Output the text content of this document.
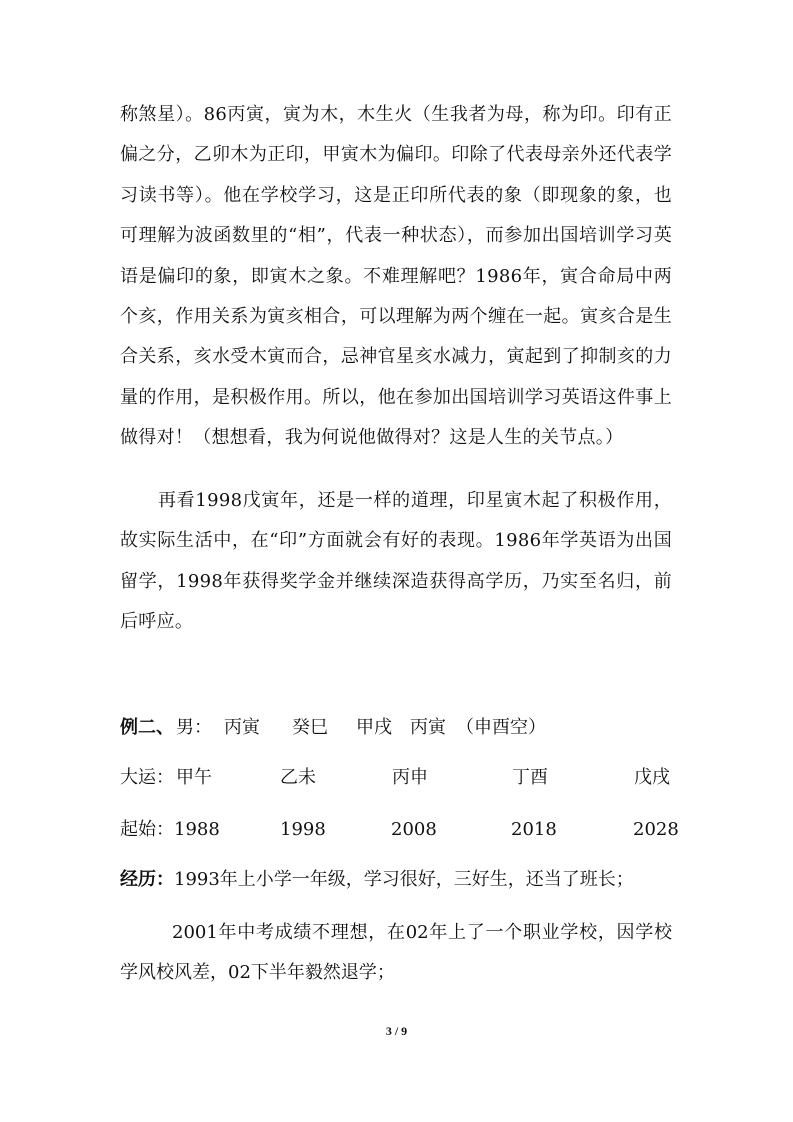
称煞星）。86丙寅，寅为木，木生火（生我者为母，称为印。印有正偏之分，乙卯木为正印，甲寅木为偏印。印除了代表母亲外还代表学习读书等）。他在学校学习，这是正印所代表的象（即现象的象，也可理解为波函数里的“相”，代表一种状态），而参加出国培训学习英语是偏印的象，即寅木之象。不难理解吧？1986年，寅合命局中两个亥，作用关系为寅亥相合，可以理解为两个缠在一起。寅亥合是生合关系，亥水受木寅而合，忌神官星亥水减力，寅起到了抑制亥的力量的作用，是积极作用。所以，他在参加出国培训学习英语这件事上做得对！（想想看，我为何说他做得对？这是人生的关节点。）

再看1998戊寅年，还是一样的道理，印星寅木起了积极作用，故实际生活中，在“印”方面就会有好的表现。1986年学英语为出国留学，1998年获得奖学金并继续深造获得高学历，乃实至名归，前后呼应。

例二、 男： 丙寅 癸巳 甲戌 丙寅 （申酉空）
大运： 甲午	乙未	丙申	丁酉	戊戌
起始： 1988	1998	2008	2018	2028
经历： 1993年上小学一年级，学习很好，三好生，还当了班长；

2001年中考成绩不理想，在02年上了一个职业学校，因学校学风校风差，02下半年毅然退学；

3 / 9
